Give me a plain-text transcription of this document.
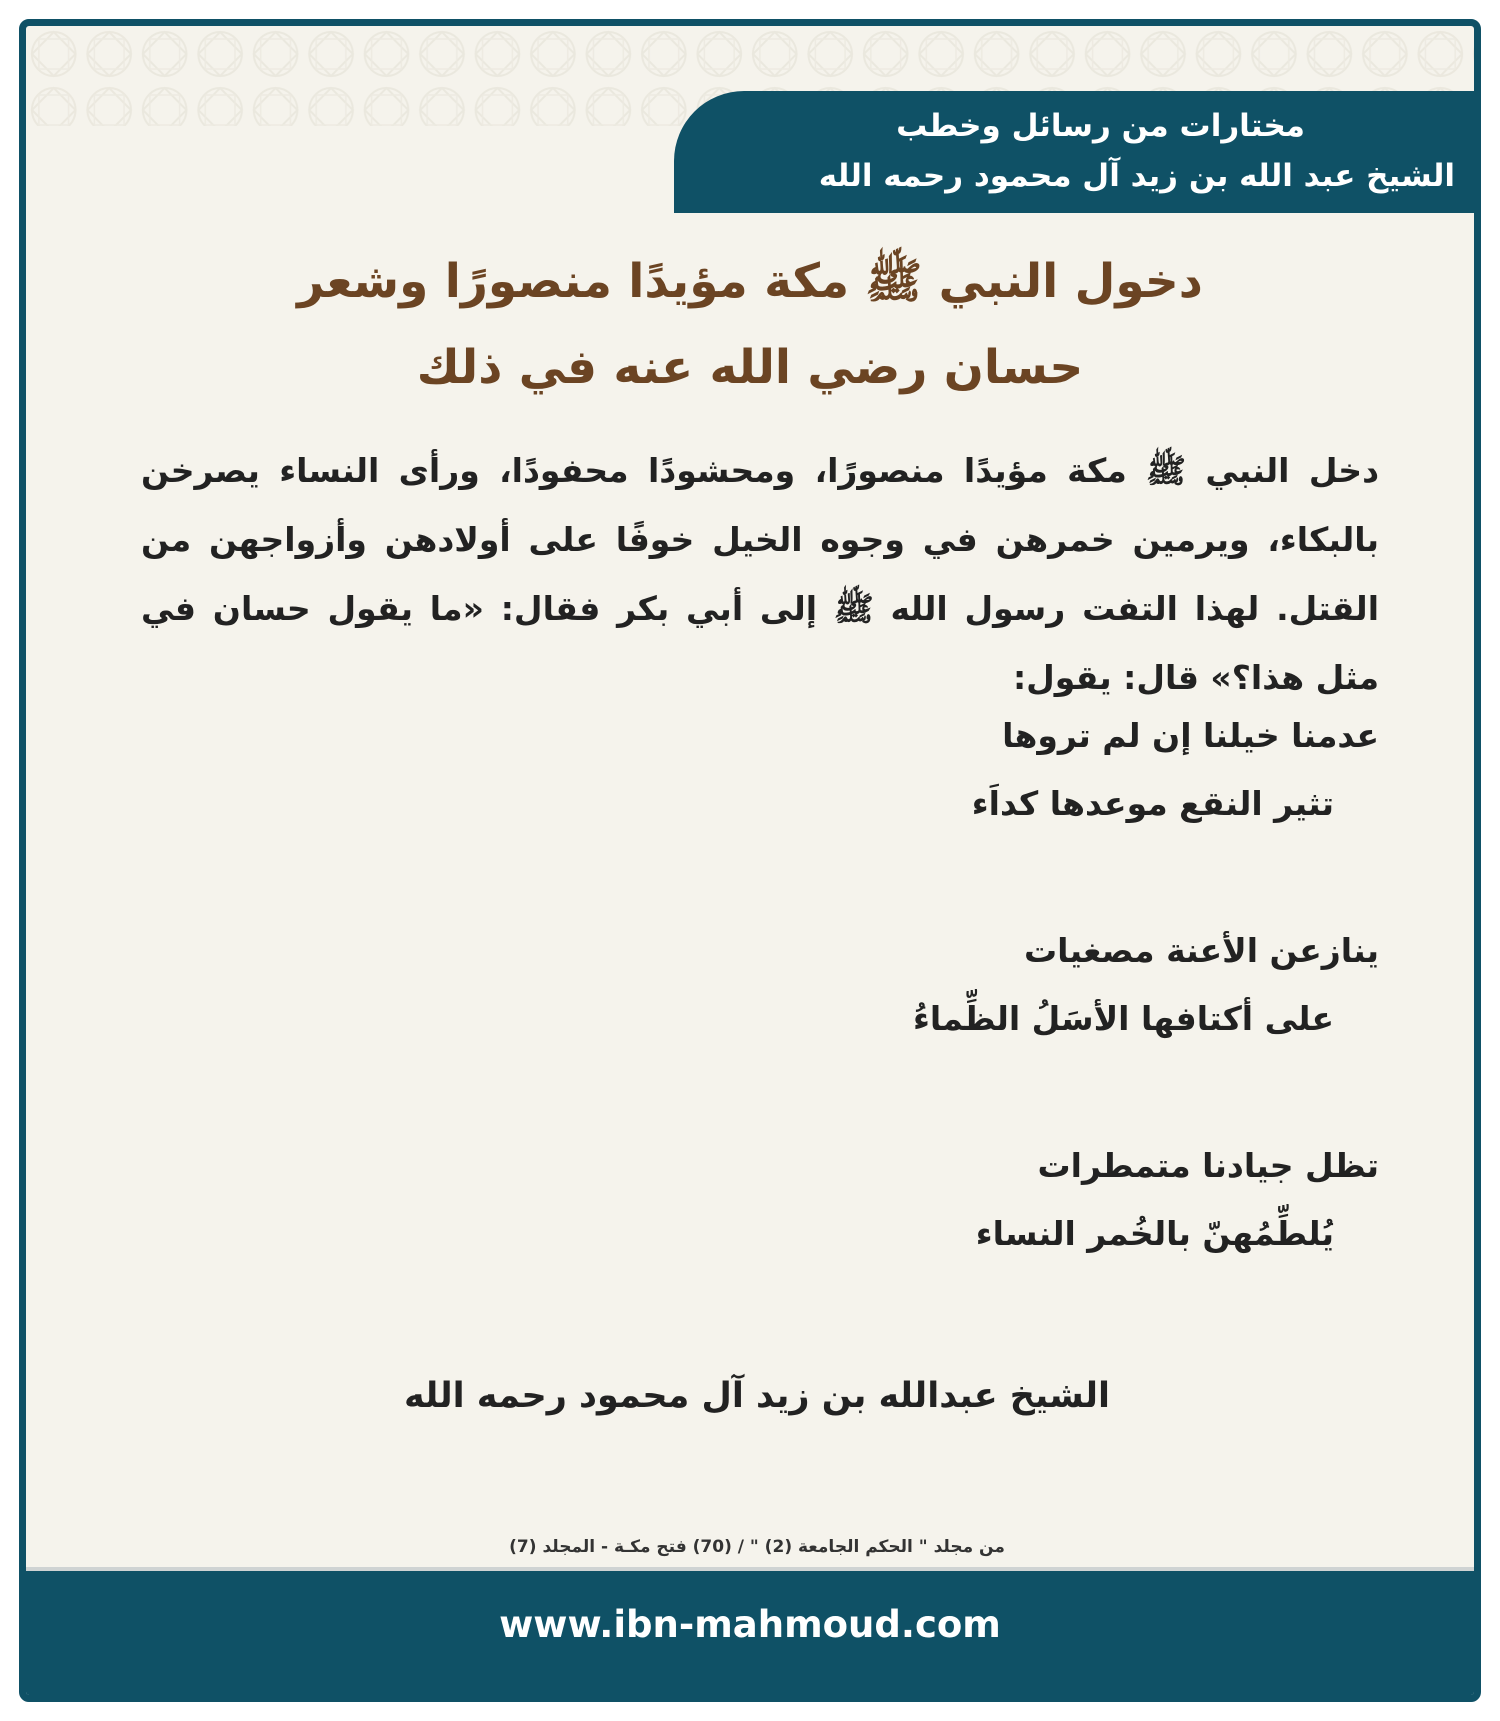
مختارات من رسائل وخطب
الشيخ عبد الله بن زيد آل محمود رحمه الله
دخول النبي ﷺ مكة مؤيدًا منصورًا وشعر
حسان رضي الله عنه في ذلك
دخل النبي ﷺ مكة مؤيدًا منصورًا، ومحشودًا محفودًا، ورأى النساء يصرخن بالبكاء، ويرمين خمرهن في وجوه الخيل خوفًا على أولادهن وأزواجهن من القتل. لهذا التفت رسول الله ﷺ إلى أبي بكر فقال: «ما يقول حسان في مثل هذا؟» قال: يقول:
عدمنا خيلنا إن لم تروها
تثير النقع موعدها كداَء
ينازعن الأعنة مصغيات
على أكتافها الأسَلُ الظِّماءُ
تظل جيادنا متمطرات
يُلطِّمُهنّ بالخُمر النساء
الشيخ عبدالله بن زيد آل محمود رحمه الله
من مجلد " الحكم الجامعة (2) " / (70) فتح مكـة - المجلد (7)
www.ibn-mahmoud.com
